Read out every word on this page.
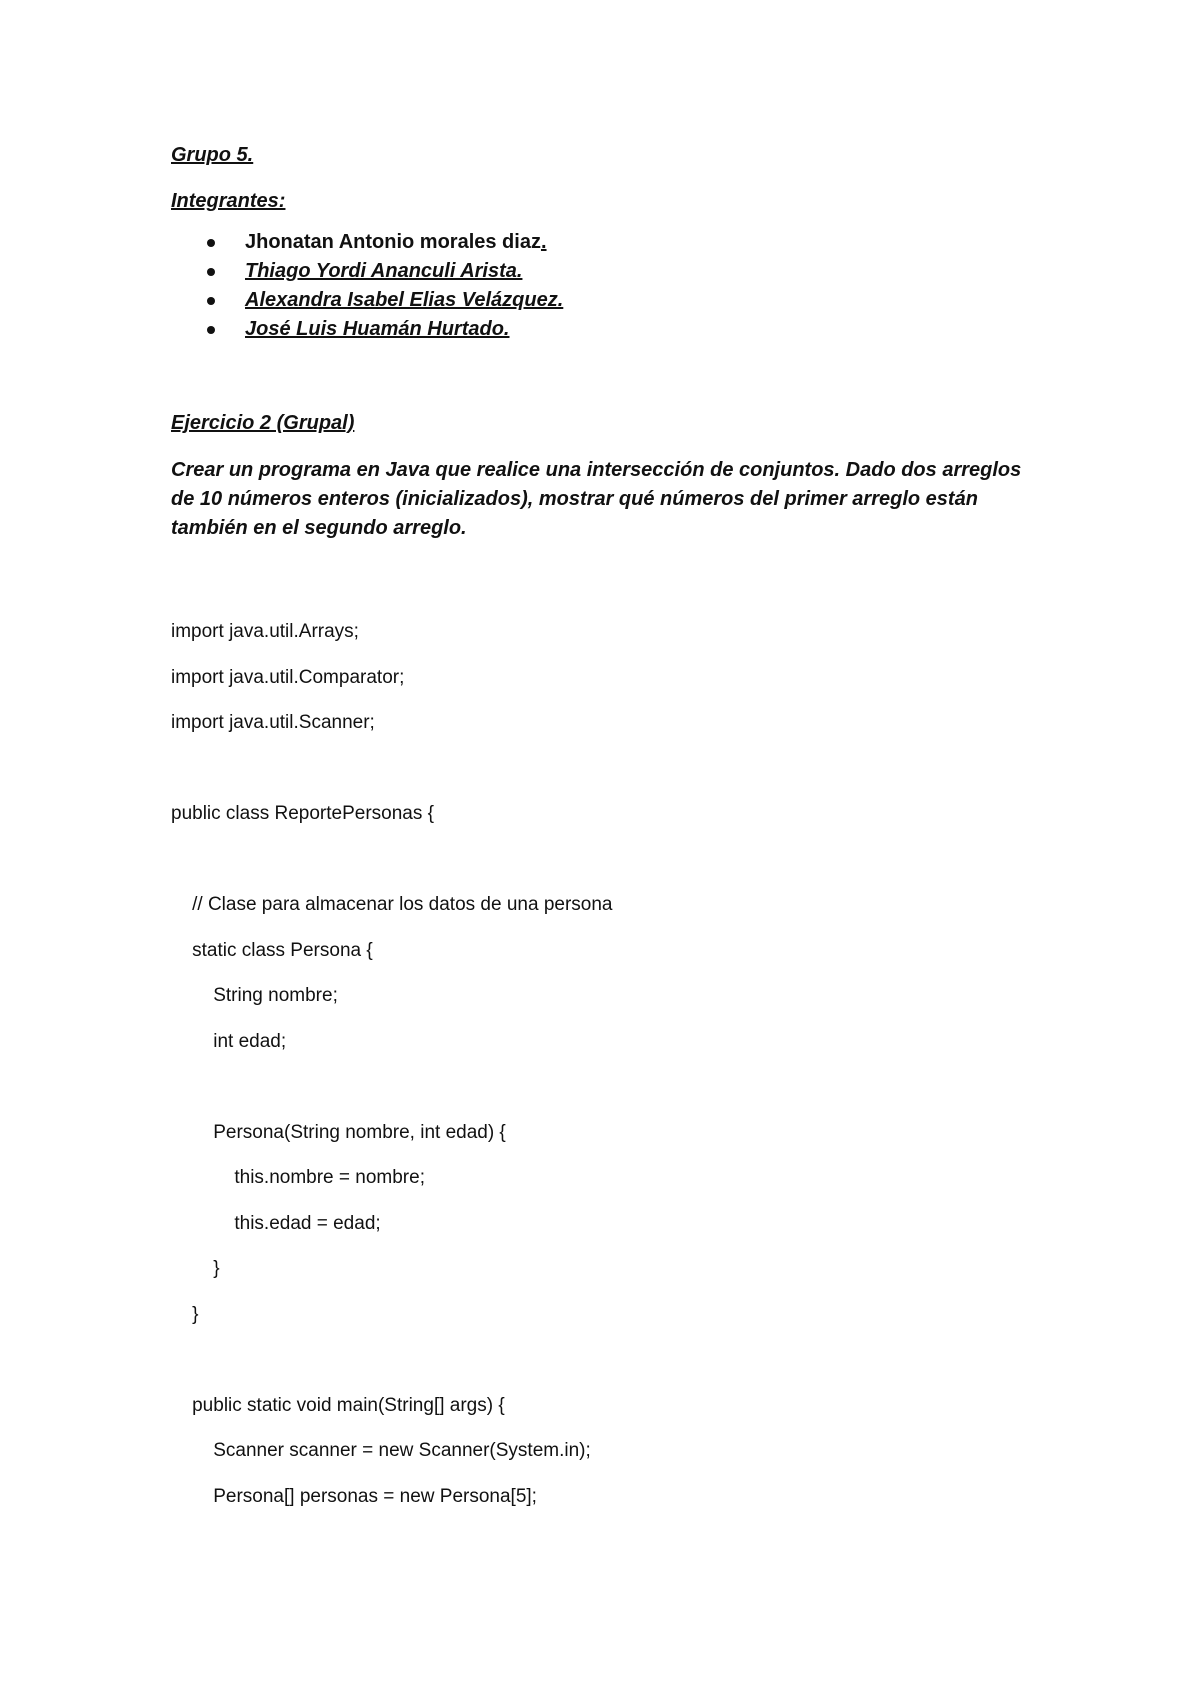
Grupo 5.

Integrantes:

Jhonatan Antonio morales diaz.
Thiago Yordi Ananculi Arista.
Alexandra Isabel Elias Velázquez.
José Luis Huamán Hurtado.

Ejercicio 2 (Grupal)

Crear un programa en Java que realice una intersección de conjuntos. Dado dos arreglos de 10 números enteros (inicializados), mostrar qué números del primer arreglo están también en el segundo arreglo.

import java.util.Arrays;
import java.util.Comparator;
import java.util.Scanner;
public class ReportePersonas {
// Clase para almacenar los datos de una persona
static class Persona {
String nombre;
int edad;
Persona(String nombre, int edad) {
this.nombre = nombre;
this.edad = edad;
}
}
public static void main(String[] args) {
Scanner scanner = new Scanner(System.in);
Persona[] personas = new Persona[5];
